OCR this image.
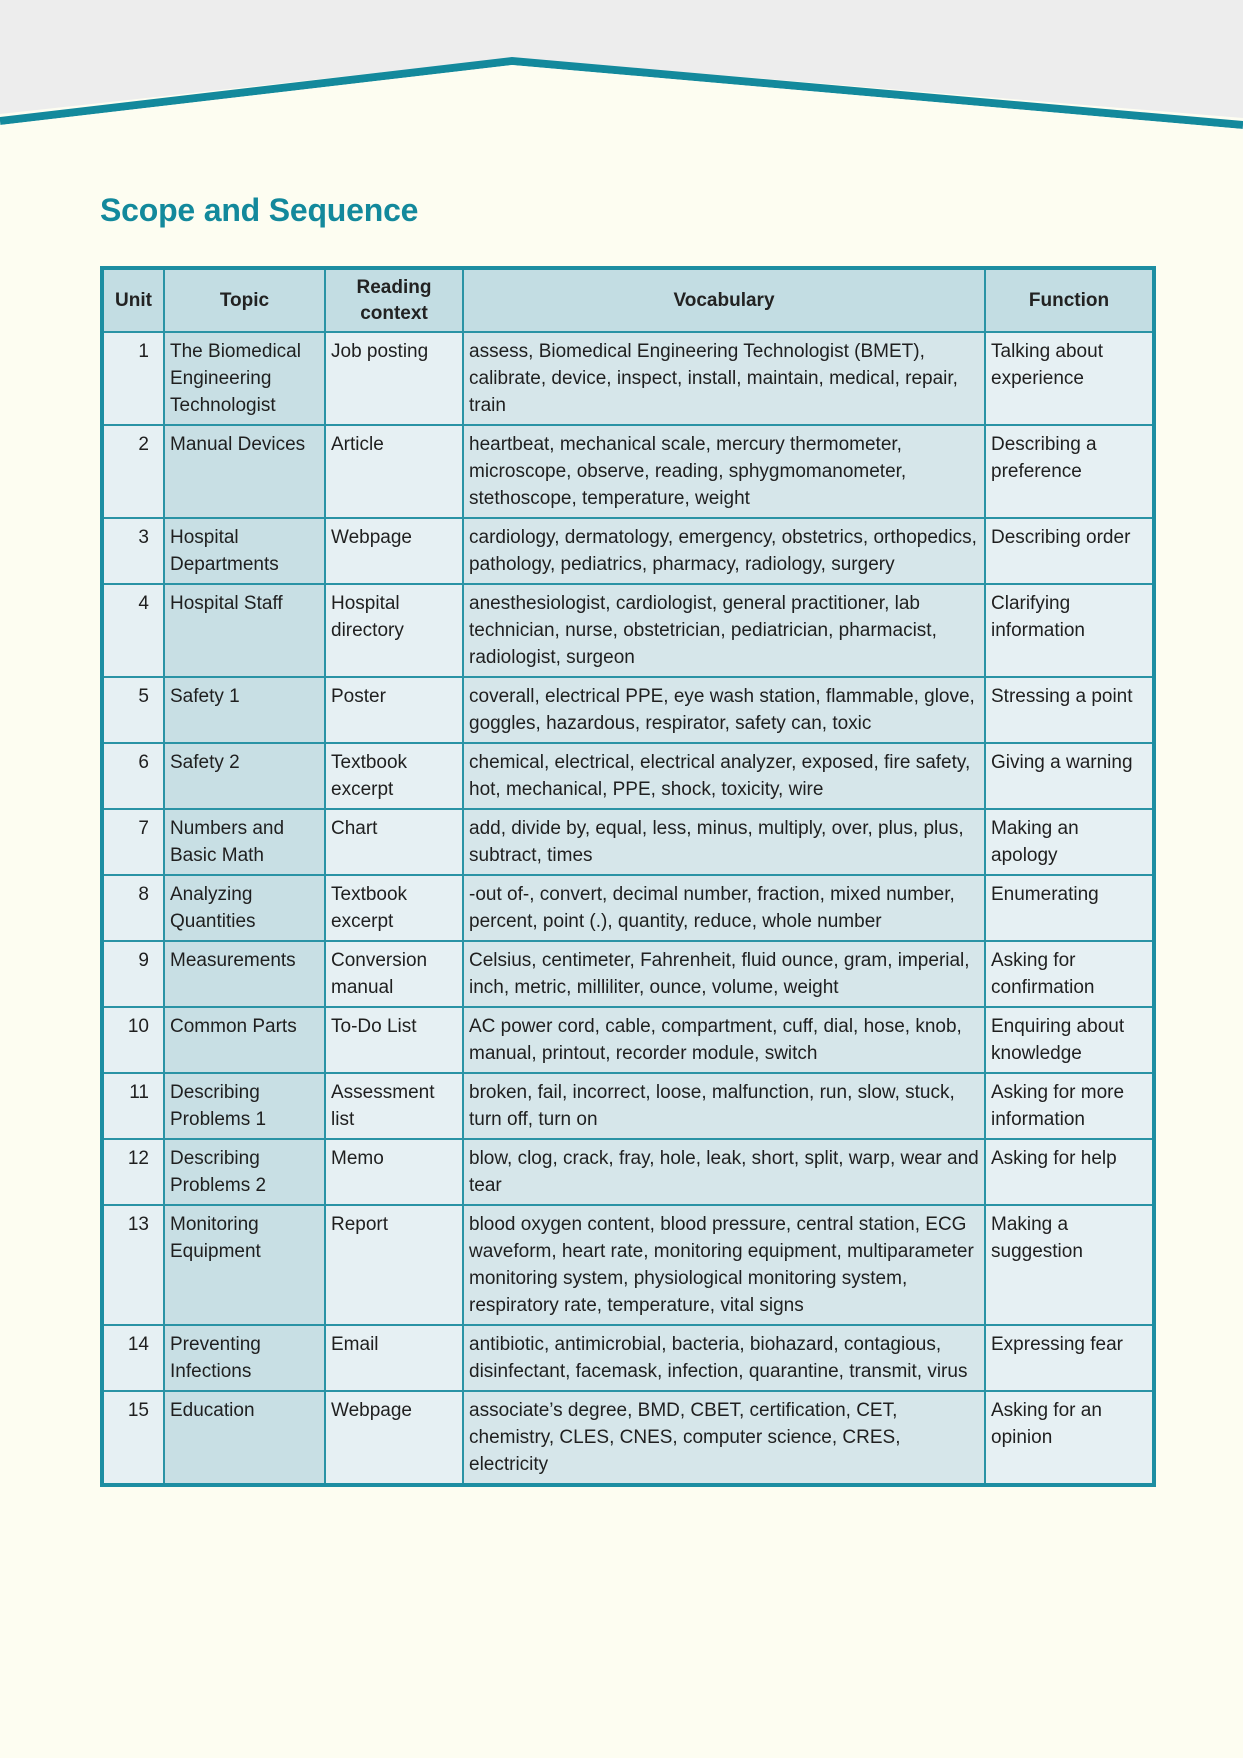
Scope and Sequence
Unit	Topic	Reading context	Vocabulary	Function
1	The Biomedical Engineering Technologist	Job posting	assess, Biomedical Engineering Technologist (BMET), calibrate, device, inspect, install, maintain, medical, repair, train	Talking about experience
2	Manual Devices	Article	heartbeat, mechanical scale, mercury thermometer, microscope, observe, reading, sphygmomanometer, stethoscope, temperature, weight	Describing a preference
3	Hospital Departments	Webpage	cardiology, dermatology, emergency, obstetrics, orthopedics, pathology, pediatrics, pharmacy, radiology, surgery	Describing order
4	Hospital Staff	Hospital directory	anesthesiologist, cardiologist, general practitioner, lab technician, nurse, obstetrician, pediatrician, pharmacist, radiologist, surgeon	Clarifying information
5	Safety 1	Poster	coverall, electrical PPE, eye wash station, flammable, glove, goggles, hazardous, respirator, safety can, toxic	Stressing a point
6	Safety 2	Textbook excerpt	chemical, electrical, electrical analyzer, exposed, fire safety, hot, mechanical, PPE, shock, toxicity, wire	Giving a warning
7	Numbers and Basic Math	Chart	add, divide by, equal, less, minus, multiply, over, plus, plus, subtract, times	Making an apology
8	Analyzing Quantities	Textbook excerpt	-out of-, convert, decimal number, fraction, mixed number, percent, point (.), quantity, reduce, whole number	Enumerating
9	Measurements	Conversion manual	Celsius, centimeter, Fahrenheit, fluid ounce, gram, imperial, inch, metric, milliliter, ounce, volume, weight	Asking for confirmation
10	Common Parts	To-Do List	AC power cord, cable, compartment, cuff, dial, hose, knob, manual, printout, recorder module, switch	Enquiring about knowledge
11	Describing Problems 1	Assessment list	broken, fail, incorrect, loose, malfunction, run, slow, stuck, turn off, turn on	Asking for more information
12	Describing Problems 2	Memo	blow, clog, crack, fray, hole, leak, short, split, warp, wear and tear	Asking for help
13	Monitoring Equipment	Report	blood oxygen content, blood pressure, central station, ECG waveform, heart rate, monitoring equipment, multiparameter monitoring system, physiological monitoring system, respiratory rate, temperature, vital signs	Making a suggestion
14	Preventing Infections	Email	antibiotic, antimicrobial, bacteria, biohazard, contagious, disinfectant, facemask, infection, quarantine, transmit, virus	Expressing fear
15	Education	Webpage	associate’s degree, BMD, CBET, certification, CET, chemistry, CLES, CNES, computer science, CRES, electricity	Asking for an opinion
